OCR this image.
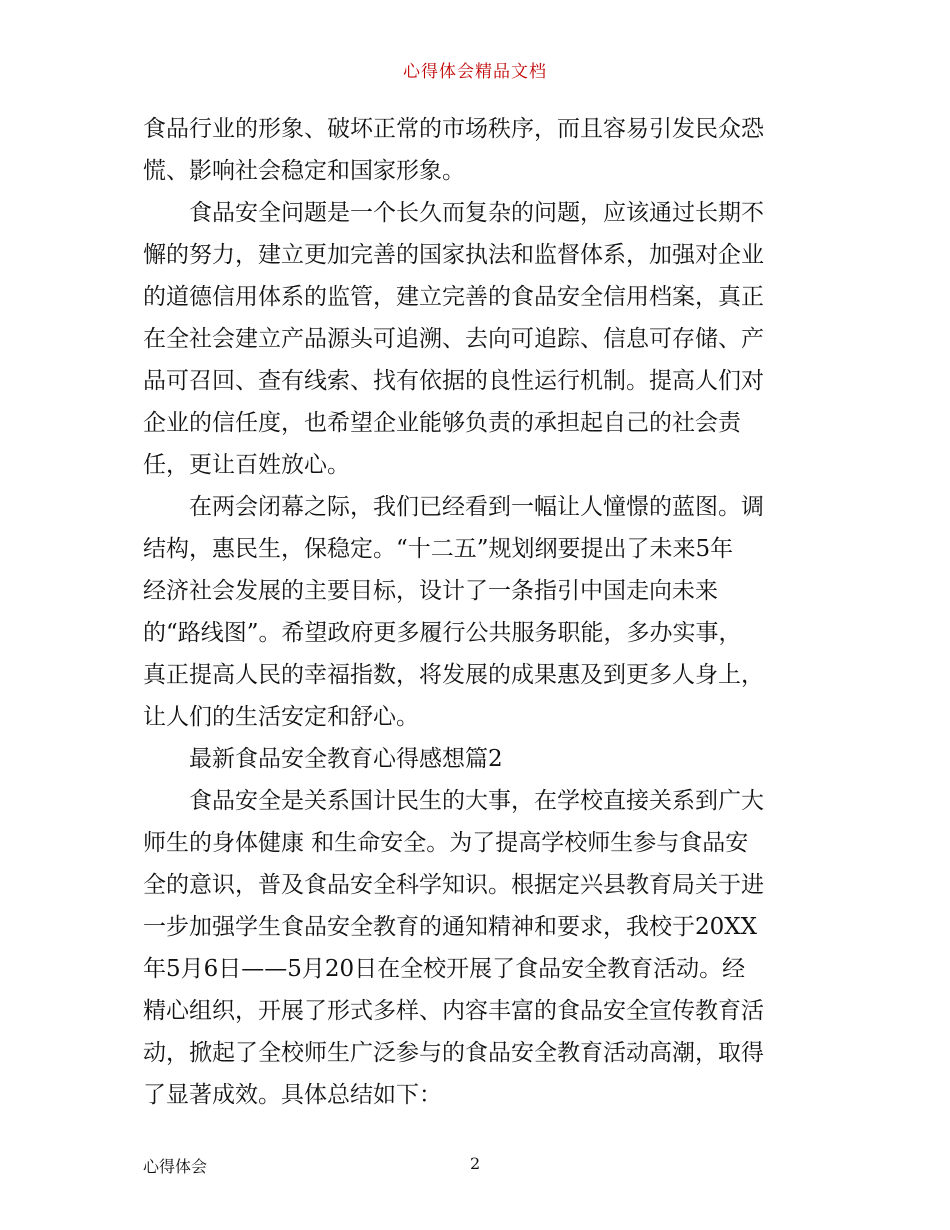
心得体会精品文档
食品行业的形象、破坏正常的市场秩序，而且容易引发民众恐
慌、影响社会稳定和国家形象。
食品安全问题是一个长久而复杂的问题，应该通过长期不
懈的努力，建立更加完善的国家执法和监督体系，加强对企业
的道德信用体系的监管，建立完善的食品安全信用档案，真正
在全社会建立产品源头可追溯、去向可追踪、信息可存储、产
品可召回、查有线索、找有依据的良性运行机制。提高人们对
企业的信任度，也希望企业能够负责的承担起自己的社会责
任，更让百姓放心。
在两会闭幕之际，我们已经看到一幅让人憧憬的蓝图。调
结构，惠民生，保稳定。“十二五”规划纲要提出了未来5年
经济社会发展的主要目标，设计了一条指引中国走向未来
的“路线图”。希望政府更多履行公共服务职能，多办实事，
真正提高人民的幸福指数，将发展的成果惠及到更多人身上，
让人们的生活安定和舒心。
最新食品安全教育心得感想篇2
食品安全是关系国计民生的大事，在学校直接关系到广大
师生的身体健康 和生命安全。为了提高学校师生参与食品安
全的意识，普及食品安全科学知识。根据定兴县教育局关于进
一步加强学生食品安全教育的通知精神和要求，我校于20XX
年5月6日——5月20日在全校开展了食品安全教育活动。经
精心组织，开展了形式多样、内容丰富的食品安全宣传教育活
动，掀起了全校师生广泛参与的食品安全教育活动高潮，取得
了显著成效。具体总结如下：
心得体会	2
